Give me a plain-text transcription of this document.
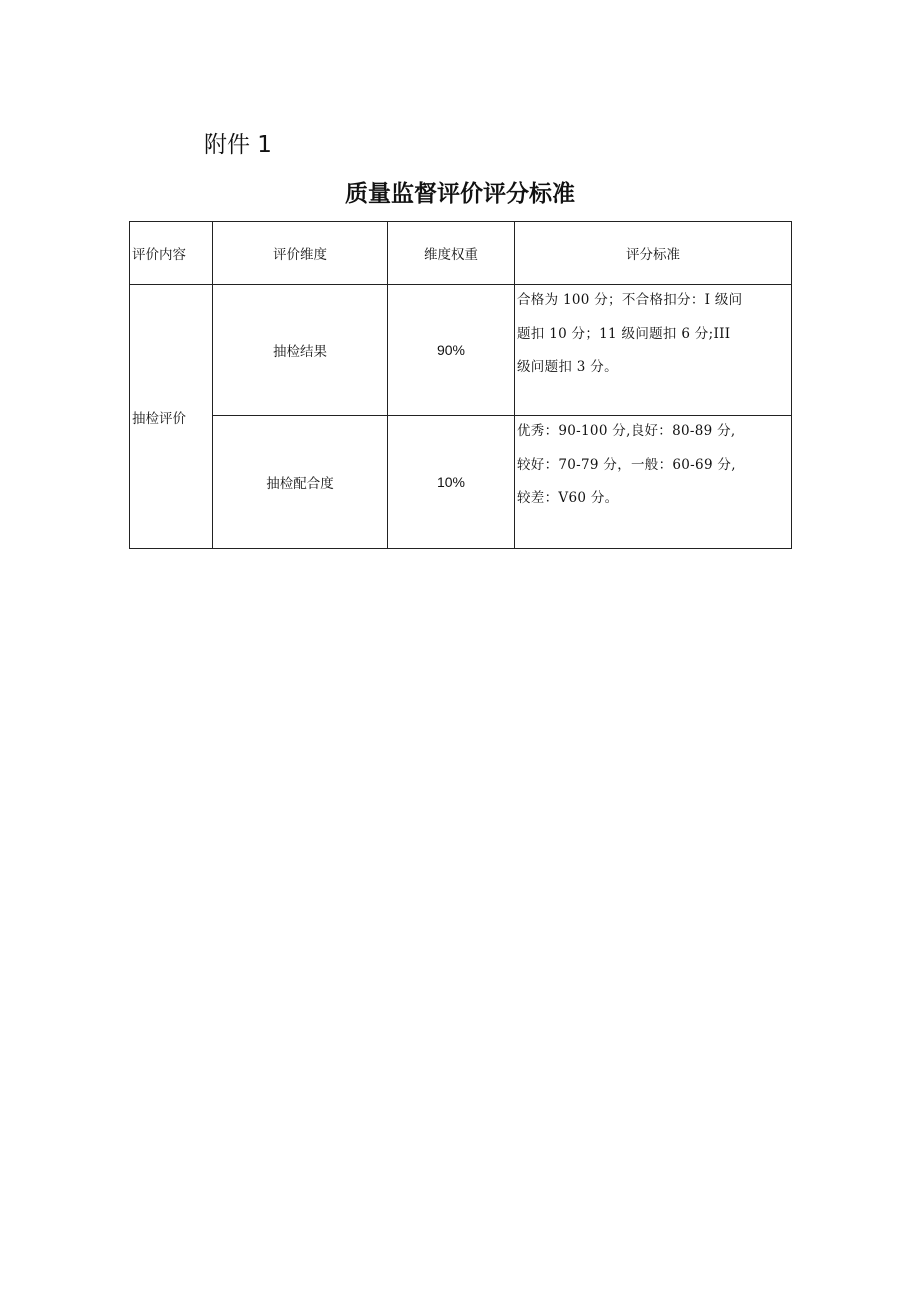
附件 1
质量监督评价评分标准
评价内容	评价维度	维度权重	评分标准
抽检评价	抽检结果	90%	合格为 100 分；不合格扣分：I 级问
题扣 10 分；11 级问题扣 6 分;III
级问题扣 3 分。

	抽检配合度	10%	优秀：90-100 分,良好：80-89 分,
较好：70-79 分，一般：60-69 分,
较差：V60 分。
